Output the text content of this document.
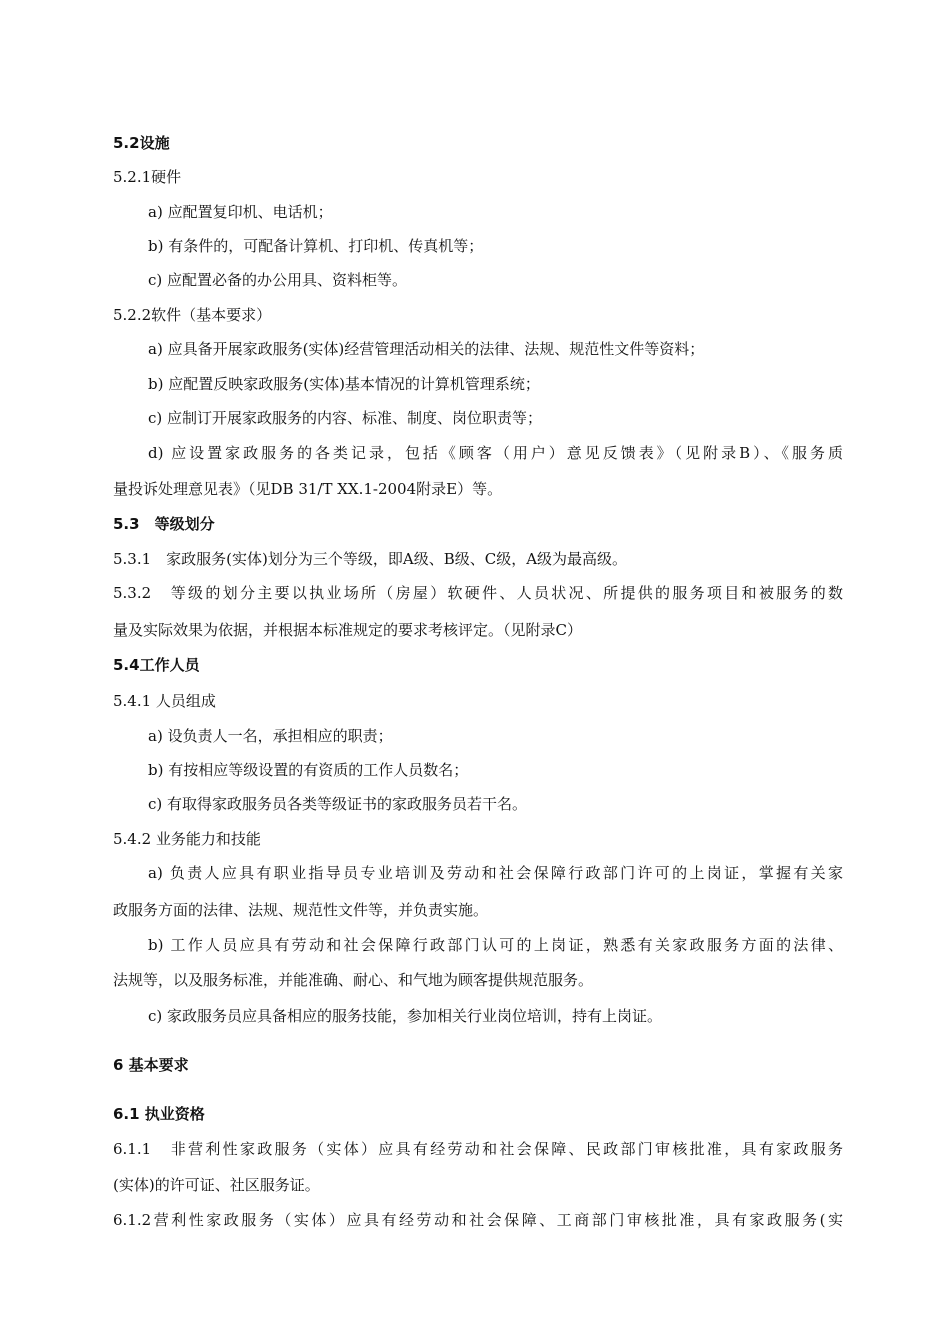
5.2设施
5.2.1硬件
a) 应配置复印机、电话机；
b) 有条件的，可配备计算机、打印机、传真机等；
c) 应配置必备的办公用具、资料柜等。
5.2.2软件（基本要求）
a) 应具备开展家政服务(实体)经营管理活动相关的法律、法规、规范性文件等资料；
b) 应配置反映家政服务(实体)基本情况的计算机管理系统；
c) 应制订开展家政服务的内容、标准、制度、岗位职责等；
d) 应设置家政服务的各类记录，包括《顾客（用户）意见反馈表》（见附录B）、《服务质
量投诉处理意见表》（见DB 31/T XX.1-2004附录E）等。
5.3　等级划分
5.3.1　家政服务(实体)划分为三个等级，即A级、B级、C级，A级为最高级。
5.3.2　等级的划分主要以执业场所（房屋）软硬件、人员状况、所提供的服务项目和被服务的数
量及实际效果为依据，并根据本标准规定的要求考核评定。（见附录C）
5.4工作人员
5.4.1 人员组成
a) 设负责人一名，承担相应的职责；
b) 有按相应等级设置的有资质的工作人员数名；
c) 有取得家政服务员各类等级证书的家政服务员若干名。
5.4.2 业务能力和技能
a) 负责人应具有职业指导员专业培训及劳动和社会保障行政部门许可的上岗证，掌握有关家
政服务方面的法律、法规、规范性文件等，并负责实施。
b) 工作人员应具有劳动和社会保障行政部门认可的上岗证，熟悉有关家政服务方面的法律、
法规等，以及服务标准，并能准确、耐心、和气地为顾客提供规范服务。
c) 家政服务员应具备相应的服务技能，参加相关行业岗位培训，持有上岗证。
6 基本要求
6.1 执业资格
6.1.1　非营利性家政服务（实体）应具有经劳动和社会保障、民政部门审核批准，具有家政服务
(实体)的许可证、社区服务证。
6.1.2营利性家政服务（实体）应具有经劳动和社会保障、工商部门审核批准，具有家政服务(实
